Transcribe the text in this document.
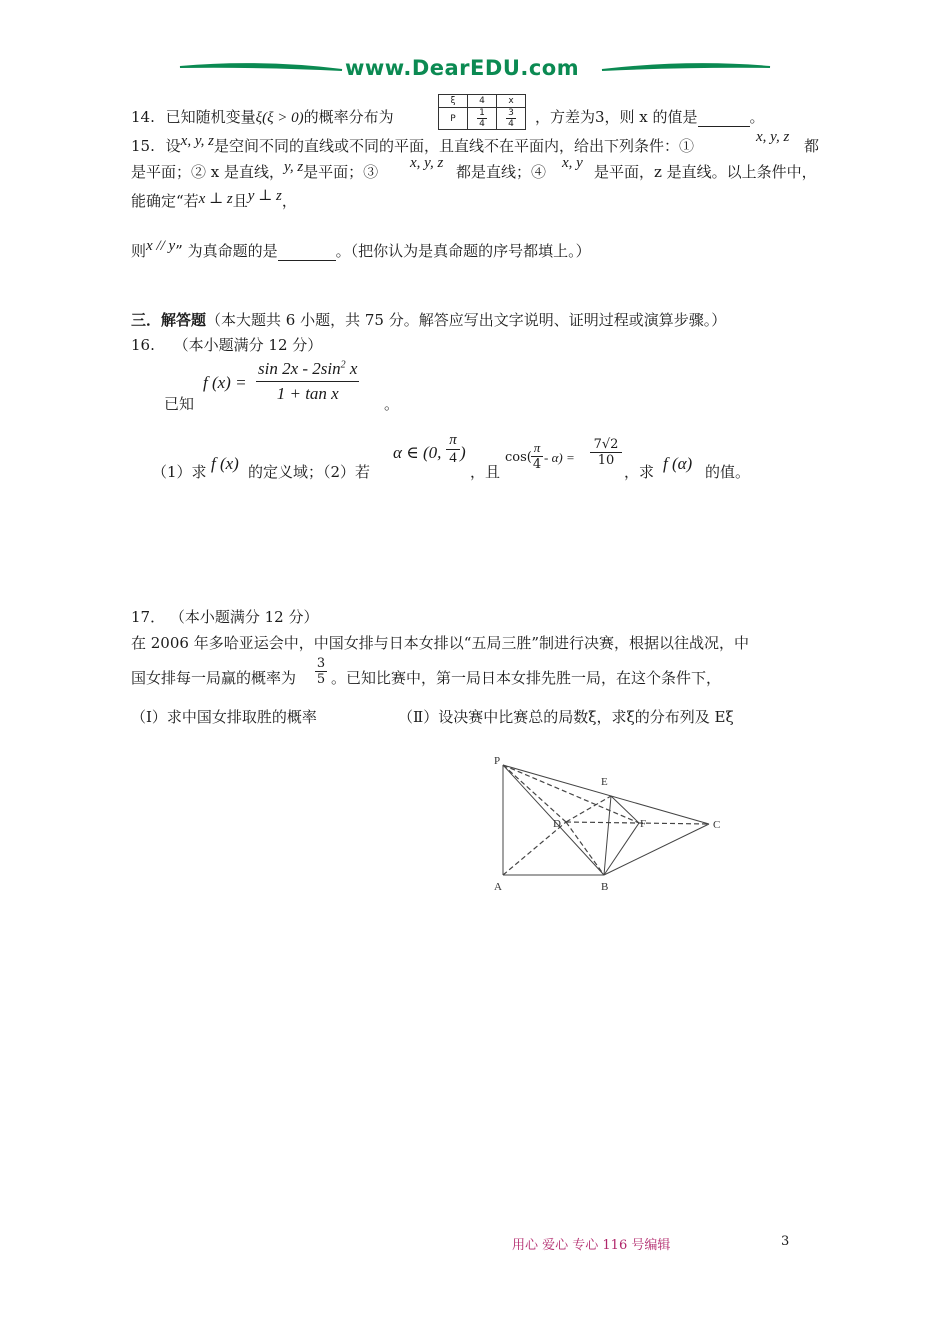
www.DearEDU.com
14. 已知随机变量ξ(ξ > 0)的概率分布为
ξ	4	x
P	$\frac{1}{4}$	$\frac{3}{4}$ ，方差为3，则 x 的值是	。
15. 设x, y, z是空间不同的直线或不同的平面，且直线不在平面内，给出下列条件：①	x, y, z 都
是平面；② x 是直线，y, z是平面；③ x, y, z 都是直线；④ x, y 是平面，z 是直线。以上条件中，
能确定“若x ⊥ z且y ⊥ z，
则x // y” 为真命题的是	。（把你认为是真命题的序号都填上。）
三．解答题（本大题共 6 小题，共 75 分。解答应写出文字说明、证明过程或演算步骤。）
16. （本小题满分 12 分）
已知
f (x) =
$\sin 2x - 2\sin^2$ x
1 + tan x
。
（1）求 f (x) 的定义域；（2）若
α ∈ (0,
π
4 )
，且
cos(
π
4 - α) =
7√2
10
，求 f (α) 的值。
17． （本小题满分 12 分）
在 2006 年多哈亚运会中，中国女排与日本女排以“五局三胜”制进行决赛，根据以往战况，中
国女排每一局赢的概率为
3
5 。已知比赛中，第一局日本女排先胜一局，在这个条件下，
（Ⅰ）求中国女排取胜的概率	（Ⅱ）设决赛中比赛总的局数ξ，求ξ的分布列及 Eξ
P
E
D	F	C
A	B
用心 爱心 专心 116 号编辑	3
